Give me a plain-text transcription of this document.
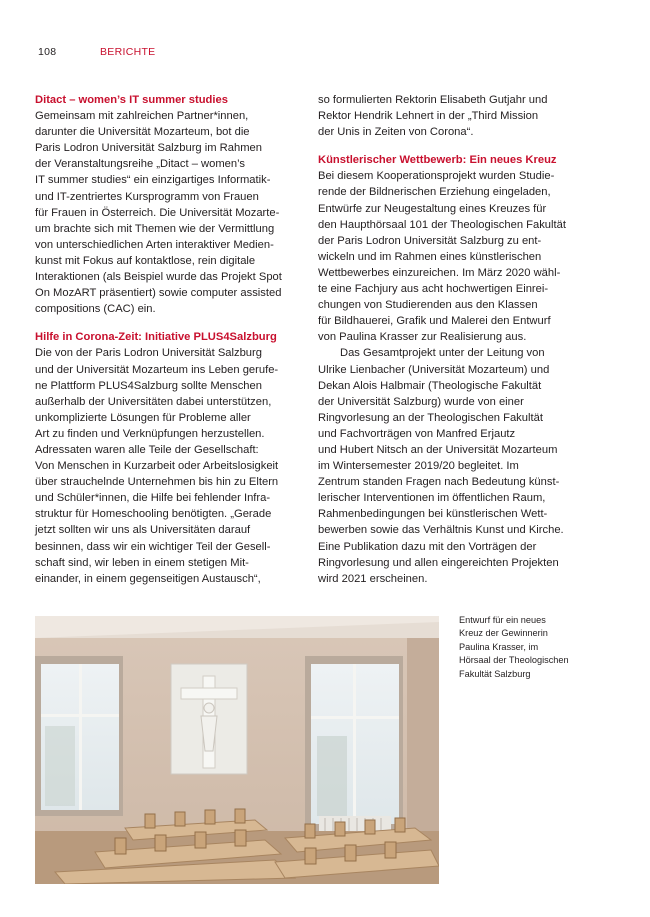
108	BERICHTE
Ditact – women’s IT summer studies

Gemeinsam mit zahlreichen Partner*innen,
darunter die Universität Mozarteum, bot die
Paris Lodron Universität Salzburg im Rahmen
der Veranstaltungsreihe „Ditact – women’s
IT summer studies“ ein einzigartiges Informatik-
und IT-zentriertes Kursprogramm von Frauen
für Frauen in Österreich. Die Universität Mozarte-
um brachte sich mit Themen wie der Vermittlung
von unterschiedlichen Arten interaktiver Medien-
kunst mit Fokus auf kontaktlose, rein digitale
Interaktionen (als Beispiel wurde das Projekt Spot
On MozART präsentiert) sowie computer assisted
compositions (CAC) ein.

Hilfe in Corona-Zeit: Initiative PLUS4Salzburg

Die von der Paris Lodron Universität Salzburg
und der Universität Mozarteum ins Leben gerufe-
ne Plattform PLUS4Salzburg sollte Menschen
außerhalb der Universitäten dabei unterstützen,
unkomplizierte Lösungen für Probleme aller
Art zu finden und Verknüpfungen herzustellen.
Adressaten waren alle Teile der Gesellschaft:
Von Menschen in Kurzarbeit oder Arbeitslosigkeit
über strauchelnde Unternehmen bis hin zu Eltern
und Schüler*innen, die Hilfe bei fehlender Infra-
struktur für Homeschooling benötigten. „Gerade
jetzt sollten wir uns als Universitäten darauf
besinnen, dass wir ein wichtiger Teil der Gesell-
schaft sind, wir leben in einem stetigen Mit-
einander, in einem gegenseitigen Austausch“,

so formulierten Rektorin Elisabeth Gutjahr und
Rektor Hendrik Lehnert in der „Third Mission
der Unis in Zeiten von Corona“.

Künstlerischer Wettbewerb: Ein neues Kreuz

Bei diesem Kooperationsprojekt wurden Studie-
rende der Bildnerischen Erziehung eingeladen,
Entwürfe zur Neugestaltung eines Kreuzes für
den Haupthörsaal 101 der Theologischen Fakultät
der Paris Lodron Universität Salzburg zu ent-
wickeln und im Rahmen eines künstlerischen
Wettbewerbes einzureichen. Im März 2020 wähl-
te eine Fachjury aus acht hochwertigen Einrei-
chungen von Studierenden aus den Klassen
für Bildhauerei, Grafik und Malerei den Entwurf
von Paulina Krasser zur Realisierung aus.

Das Gesamtprojekt unter der Leitung von
Ulrike Lienbacher (Universität Mozarteum) und
Dekan Alois Halbmair (Theologische Fakultät
der Universität Salzburg) wurde von einer
Ringvorlesung an der Theologischen Fakultät
und Fachvorträgen von Manfred Erjautz
und Hubert Nitsch an der Universität Mozarteum
im Wintersemester 2019/20 begleitet. Im
Zentrum standen Fragen nach Bedeutung künst-
lerischer Interventionen im öffentlichen Raum,
Rahmenbedingungen bei künstlerischen Wett-
bewerben sowie das Verhältnis Kunst und Kirche.
Eine Publikation dazu mit den Vorträgen der
Ringvorlesung und allen eingereichten Projekten
wird 2021 erscheinen.

Entwurf für ein neues
Kreuz der Gewinnerin
Paulina Krasser, im
Hörsaal der Theologischen
Fakultät Salzburg
